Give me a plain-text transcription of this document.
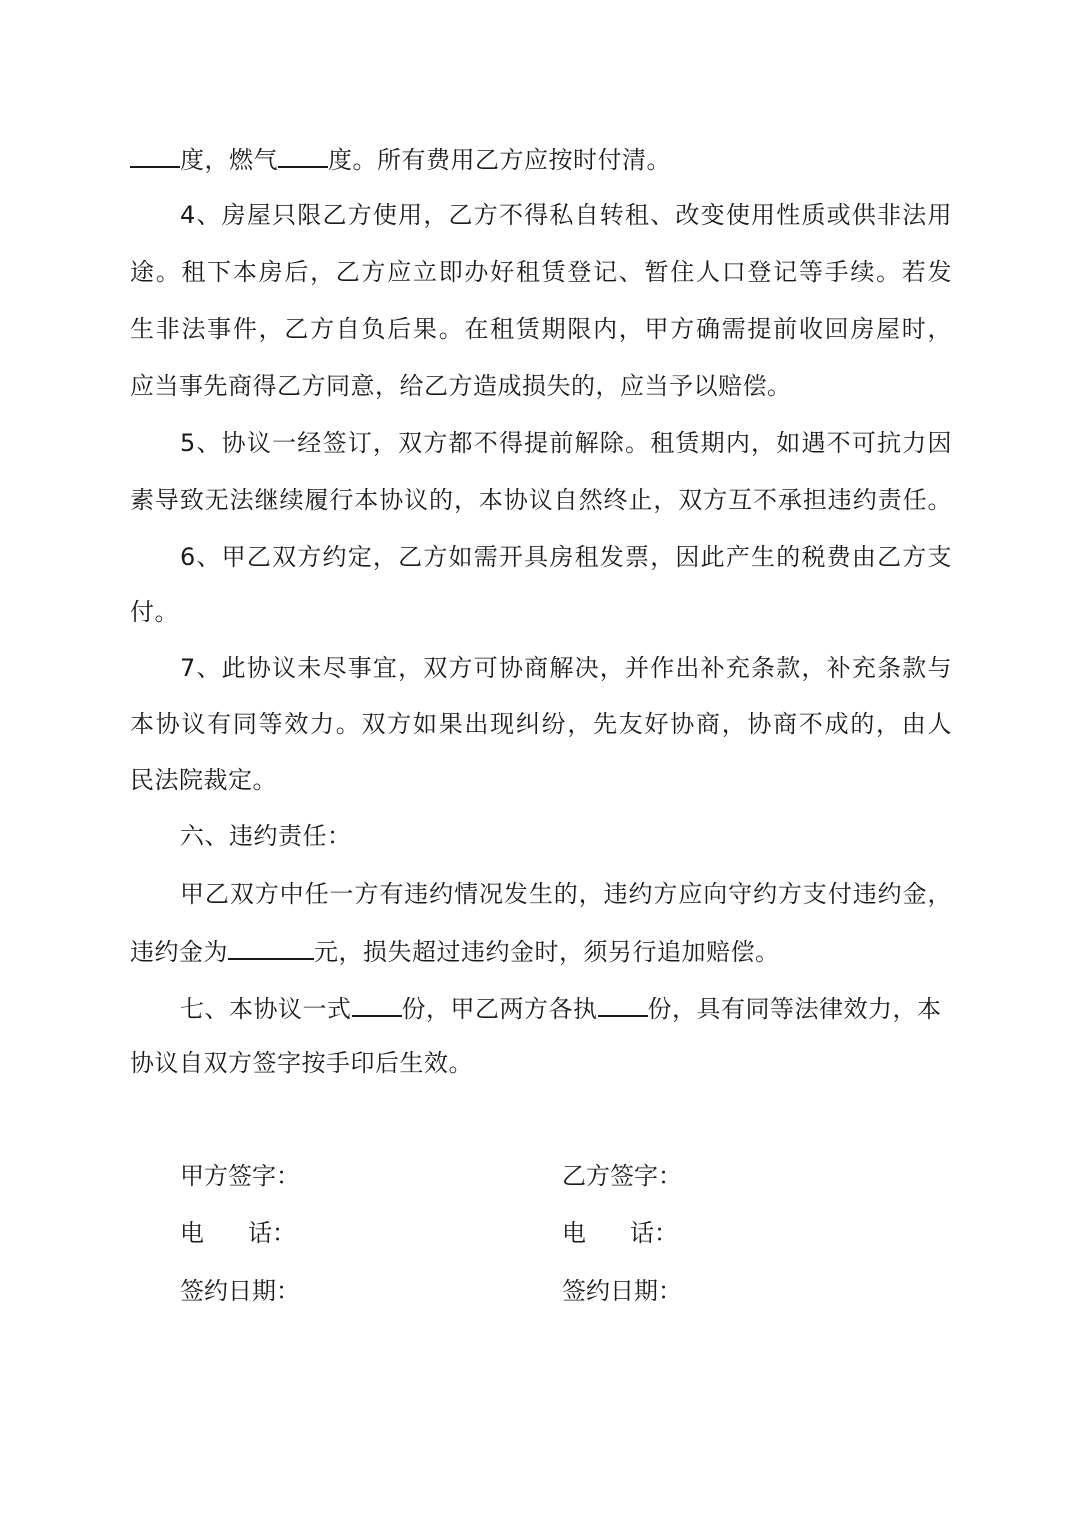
度，燃气 度。所有费用乙方应按时付清。
4、房屋只限乙方使用，乙方不得私自转租、改变使用性质或供非法用
途。租下本房后，乙方应立即办好租赁登记、暂住人口登记等手续。若发
生非法事件，乙方自负后果。在租赁期限内，甲方确需提前收回房屋时，
应当事先商得乙方同意，给乙方造成损失的，应当予以赔偿。
5、协议一经签订，双方都不得提前解除。租赁期内，如遇不可抗力因
素导致无法继续履行本协议的，本协议自然终止，双方互不承担违约责任。
6、甲乙双方约定，乙方如需开具房租发票，因此产生的税费由乙方支
付。
7、此协议未尽事宜，双方可协商解决，并作出补充条款，补充条款与
本协议有同等效力。双方如果出现纠纷，先友好协商，协商不成的，由人
民法院裁定。
六、违约责任：
甲乙双方中任一方有违约情况发生的，违约方应向守约方支付违约金，
违约金为	元，损失超过违约金时，须另行追加赔偿。
七、本协议一式 份，甲乙两方各执 份，具有同等法律效力，本
协议自双方签字按手印后生效。
甲方签字：	乙方签字：
电 话：	电 话：
签约日期：	签约日期：
